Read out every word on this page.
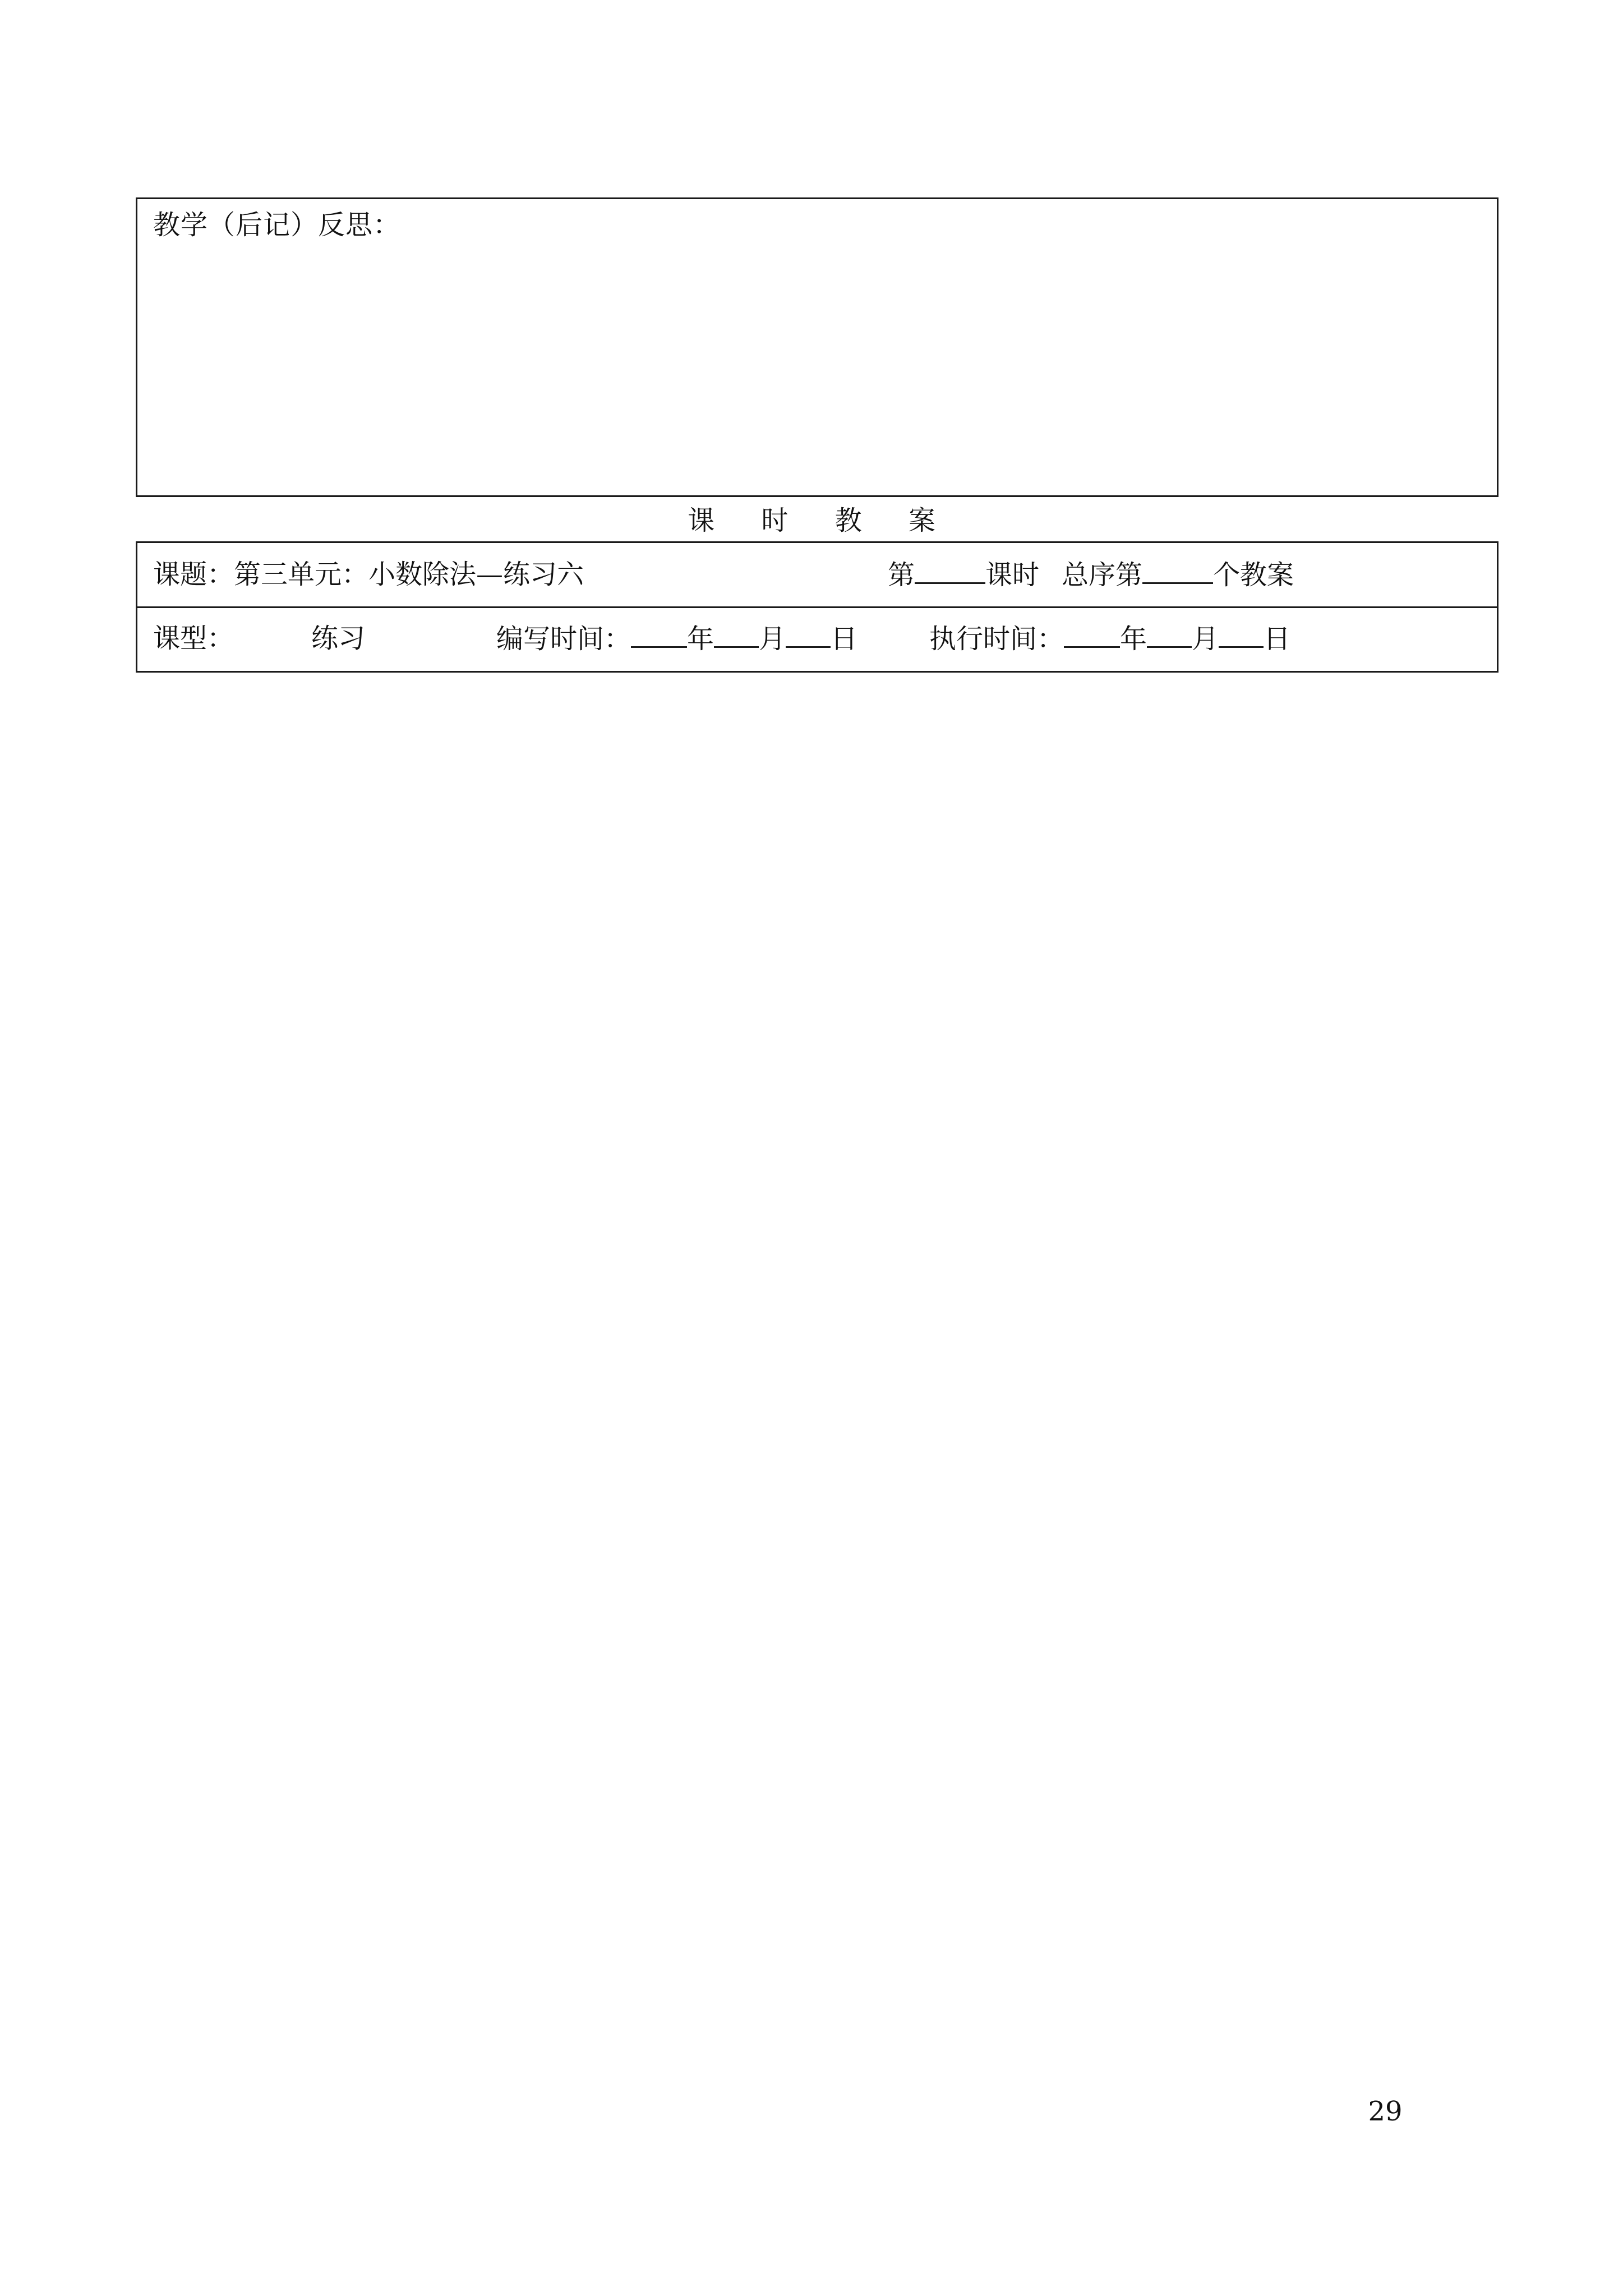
教学（后记）反思：
课 时 教 案
课题：第三单元：小数除法—练习六	第	课时 总序第	个教案
课型：	练习	编写时间： 年 月 日	执行时间： 年 月 日
29
